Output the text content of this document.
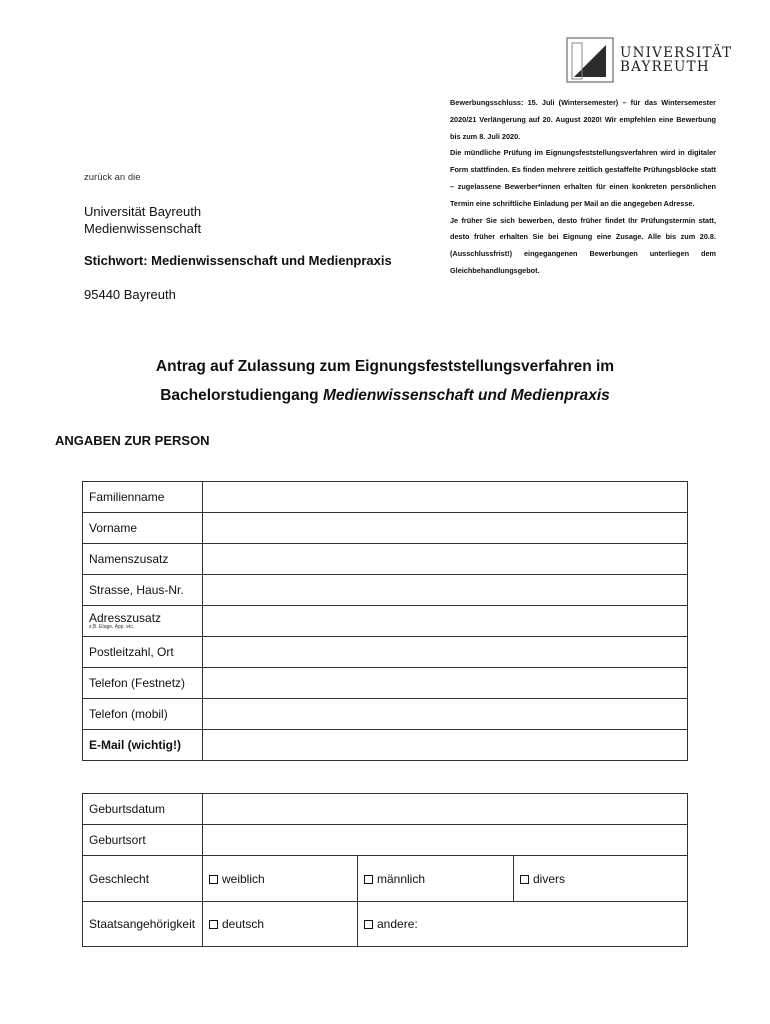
UNIVERSITÄT
BAYREUTH

Bewerbungsschluss: 15. Juli (Wintersemester) – für das Wintersemester 2020/21 Verlängerung auf 20. August 2020! Wir empfehlen eine Bewerbung bis zum 8. Juli 2020.

Die mündliche Prüfung im Eignungsfeststellungsverfahren wird in digitaler Form stattfinden. Es finden mehrere zeitlich gestaffelte Prüfungsblöcke statt – zugelassene Bewerber*innen erhalten für einen konkreten persönlichen Termin eine schriftliche Einladung per Mail an die angegeben Adresse.

Je früher Sie sich bewerben, desto früher findet Ihr Prüfungstermin statt, desto früher erhalten Sie bei Eignung eine Zusage. Alle bis zum 20.8. (Ausschlussfrist!) eingegangenen Bewerbungen unterliegen dem Gleichbehandlungsgebot.

zurück an die
Universität Bayreuth
Medienwissenschaft
Stichwort: Medienwissenschaft und Medienpraxis
95440 Bayreuth
Antrag auf Zulassung zum Eignungsfeststellungsverfahren im
Bachelorstudiengang Medienwissenschaft und Medienpraxis
ANGABEN ZUR PERSON
Familienname	
Vorname	
Namenszusatz	
Strasse, Haus-Nr.	
Adresszusatz
z.B. Etage, App. etc.	

Postleitzahl, Ort	
Telefon (Festnetz)	
Telefon (mobil)	
E-Mail (wichtig!)	
Geburtsdatum			
Geburtsort			
Geschlecht	weiblich	männlich	divers
Staatsangehörigkeit	deutsch	andere:	
